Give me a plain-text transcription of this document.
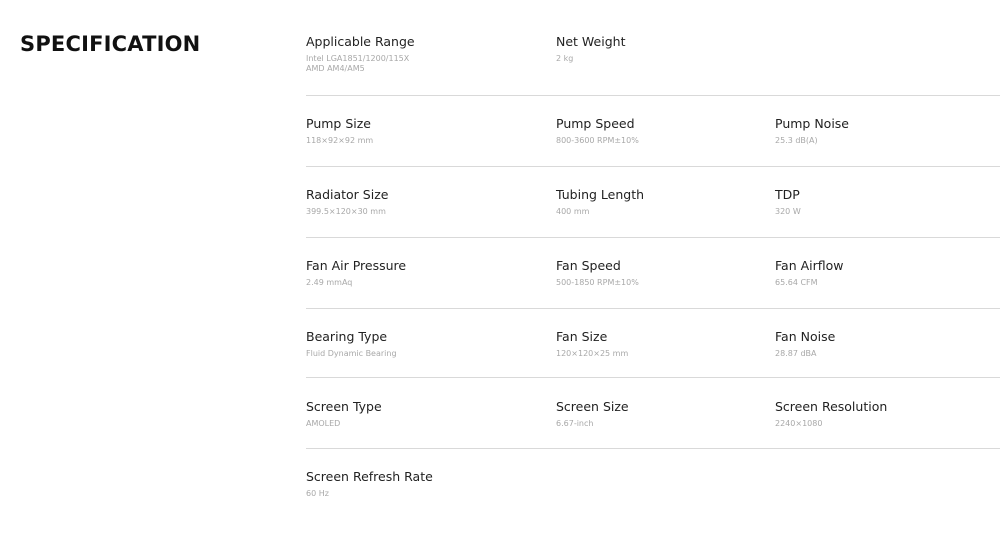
SPECIFICATION	Applicable Range
Intel LGA1851/1200/115X
AMD AM4/AM5
Net Weight
2 kg
Pump Size
118×92×92 mm
Pump Speed
800-3600 RPM±10%
Pump Noise
25.3 dB(A)
Radiator Size
399.5×120×30 mm
Tubing Length
400 mm
TDP
320 W
Fan Air Pressure
2.49 mmAq
Fan Speed
500-1850 RPM±10%
Fan Airflow
65.64 CFM
Bearing Type
Fluid Dynamic Bearing
Fan Size
120×120×25 mm
Fan Noise
28.87 dBA
Screen Type
AMOLED
Screen Size
6.67-inch
Screen Resolution
2240×1080
Screen Refresh Rate
60 Hz
